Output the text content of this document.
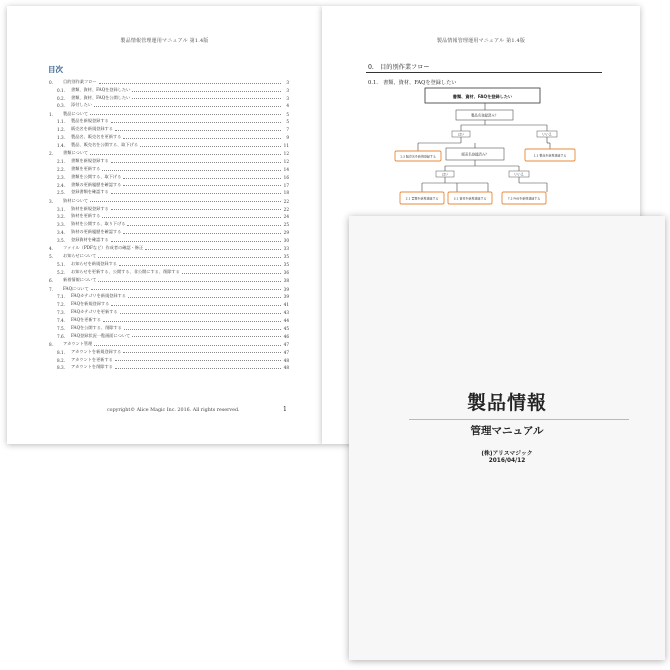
製品情報管理運用マニュアル 第1.4版
目次
0.	目的別作業フロー	3
0.1.	書類、資材、FAQを登録したい	3
0.2.	書類、資材、FAQを公開したい	3
0.3.	添付したい	4
1.	製品について	5
1.1.	製品を新規登録する	5
1.2.	販売名を新規登録する	7
1.3.	製品名、販売名を更新する	9
1.4.	製品、販売名を公開する、取下げる	11
2.	書類について	12
2.1.	書類を新規登録する	12
2.2.	書類を更新する	14
2.3.	書類を公開する、取下げる	16
2.4.	書類の更新履歴を確認する	17
2.5.	登録書類を確認する	18
3.	資材について	22
3.1.	資材を新規登録する	22
3.2.	資材を更新する	24
3.3.	資材を公開する、取り下げる	25
3.4.	資材の更新履歴を確認する	29
3.5.	登録資材を確認する	30
4.	ファイル（PDFなど）作成者の確認・修正	33
5.	お知らせについて	35
5.1.	お知らせを新規登録する	35
5.2.	お知らせを更新する、公開する、非公開にする、削除する	36
6.	新着情報について	38
7.	FAQについて	39
7.1.	FAQカテゴリを新規登録する	39
7.2.	FAQを新規登録する	41
7.3.	FAQカテゴリを更新する	43
7.4.	FAQを更新する	44
7.5.	FAQを公開する、削除する	45
7.6.	FAQ登録状況一覧画面について	46
8.	アカウント管理	47
8.1.	アカウントを新規登録する	47
8.2.	アカウントを更新する	48
8.3.	アカウントを削除する	48
copyright© Alice Magic Inc. 2016. All rights reserved.	1
製品情報管理運用マニュアル 第1.4版
0.　目的別作業フロー
0.1.　書類、資材、FAQを登録したい
書類、資材、FAQを登録したい
製品名登録済み？
はい	いいえ
1.3 販売名を新規登録する	販売名登録済み？	1.1 製品を新規登録する
はい	いいえ
2.1 書類を新規登録する	3.1 資材を新規登録する	7.2 FAQを新規登録する
製品情報
管理マニュアル
(株)アリスマジック
2016/04/12
